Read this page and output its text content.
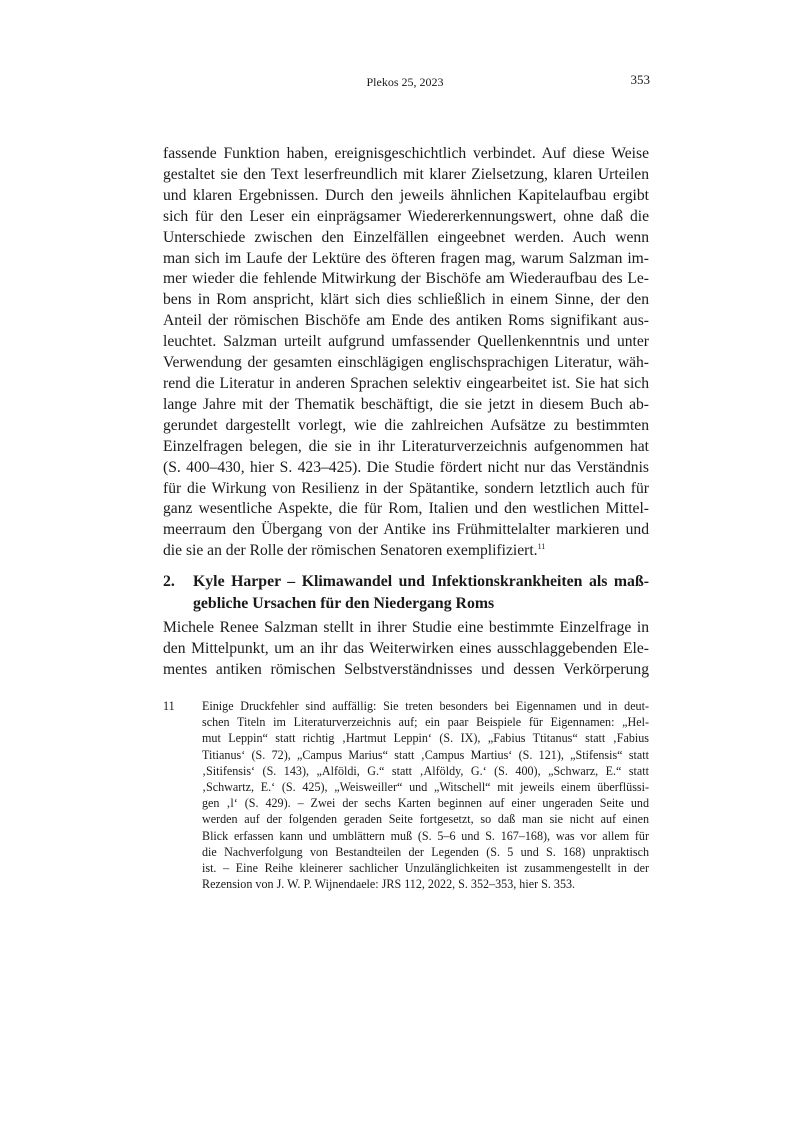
Plekos 25, 2023	353
fassende Funktion haben, ereignisgeschichtlich verbindet. Auf diese Weise
gestaltet sie den Text leserfreundlich mit klarer Zielsetzung, klaren Urteilen
und klaren Ergebnissen. Durch den jeweils ähnlichen Kapitelaufbau ergibt
sich für den Leser ein einprägsamer Wiedererkennungswert, ohne daß die
Unterschiede zwischen den Einzelfällen eingeebnet werden. Auch wenn
man sich im Laufe der Lektüre des öfteren fragen mag, warum Salzman im-
mer wieder die fehlende Mitwirkung der Bischöfe am Wiederaufbau des Le-
bens in Rom anspricht, klärt sich dies schließlich in einem Sinne, der den
Anteil der römischen Bischöfe am Ende des antiken Roms signifikant aus-
leuchtet. Salzman urteilt aufgrund umfassender Quellenkenntnis und unter
Verwendung der gesamten einschlägigen englischsprachigen Literatur, wäh-
rend die Literatur in anderen Sprachen selektiv eingearbeitet ist. Sie hat sich
lange Jahre mit der Thematik beschäftigt, die sie jetzt in diesem Buch ab-
gerundet dargestellt vorlegt, wie die zahlreichen Aufsätze zu bestimmten
Einzelfragen belegen, die sie in ihr Literaturverzeichnis aufgenommen hat
(S. 400–430, hier S. 423–425). Die Studie fördert nicht nur das Verständnis
für die Wirkung von Resilienz in der Spätantike, sondern letztlich auch für
ganz wesentliche Aspekte, die für Rom, Italien und den westlichen Mittel-
meerraum den Übergang von der Antike ins Frühmittelalter markieren und
die sie an der Rolle der römischen Senatoren exemplifiziert.$^{11}$
2. Kyle Harper – Klimawandel und Infektionskrankheiten als maß-
gebliche Ursachen für den Niedergang Roms
Michele Renee Salzman stellt in ihrer Studie eine bestimmte Einzelfrage in
den Mittelpunkt, um an ihr das Weiterwirken eines ausschlaggebenden Ele-
mentes antiken römischen Selbstverständnisses und dessen Verkörperung
11 Einige Druckfehler sind auffällig: Sie treten besonders bei Eigennamen und in deut-
schen Titeln im Literaturverzeichnis auf; ein paar Beispiele für Eigennamen: „Hel-
mut Leppin“ statt richtig ‚Hartmut Leppin‘ (S. IX), „Fabius Ttitanus“ statt ‚Fabius
Titianus‘ (S. 72), „Campus Marius“ statt ‚Campus Martius‘ (S. 121), „Stifensis“ statt
‚Sitifensis‘ (S. 143), „Alföldi, G.“ statt ‚Alföldy, G.‘ (S. 400), „Schwarz, E.“ statt
‚Schwartz, E.‘ (S. 425), „Weisweiller“ und „Witschell“ mit jeweils einem überflüssi-
gen ‚l‘ (S. 429). – Zwei der sechs Karten beginnen auf einer ungeraden Seite und
werden auf der folgenden geraden Seite fortgesetzt, so daß man sie nicht auf einen
Blick erfassen kann und umblättern muß (S. 5–6 und S. 167–168), was vor allem für
die Nachverfolgung von Bestandteilen der Legenden (S. 5 und S. 168) unpraktisch
ist. – Eine Reihe kleinerer sachlicher Unzulänglichkeiten ist zusammengestellt in der
Rezension von J. W. P. Wijnendaele: JRS 112, 2022, S. 352–353, hier S. 353.
